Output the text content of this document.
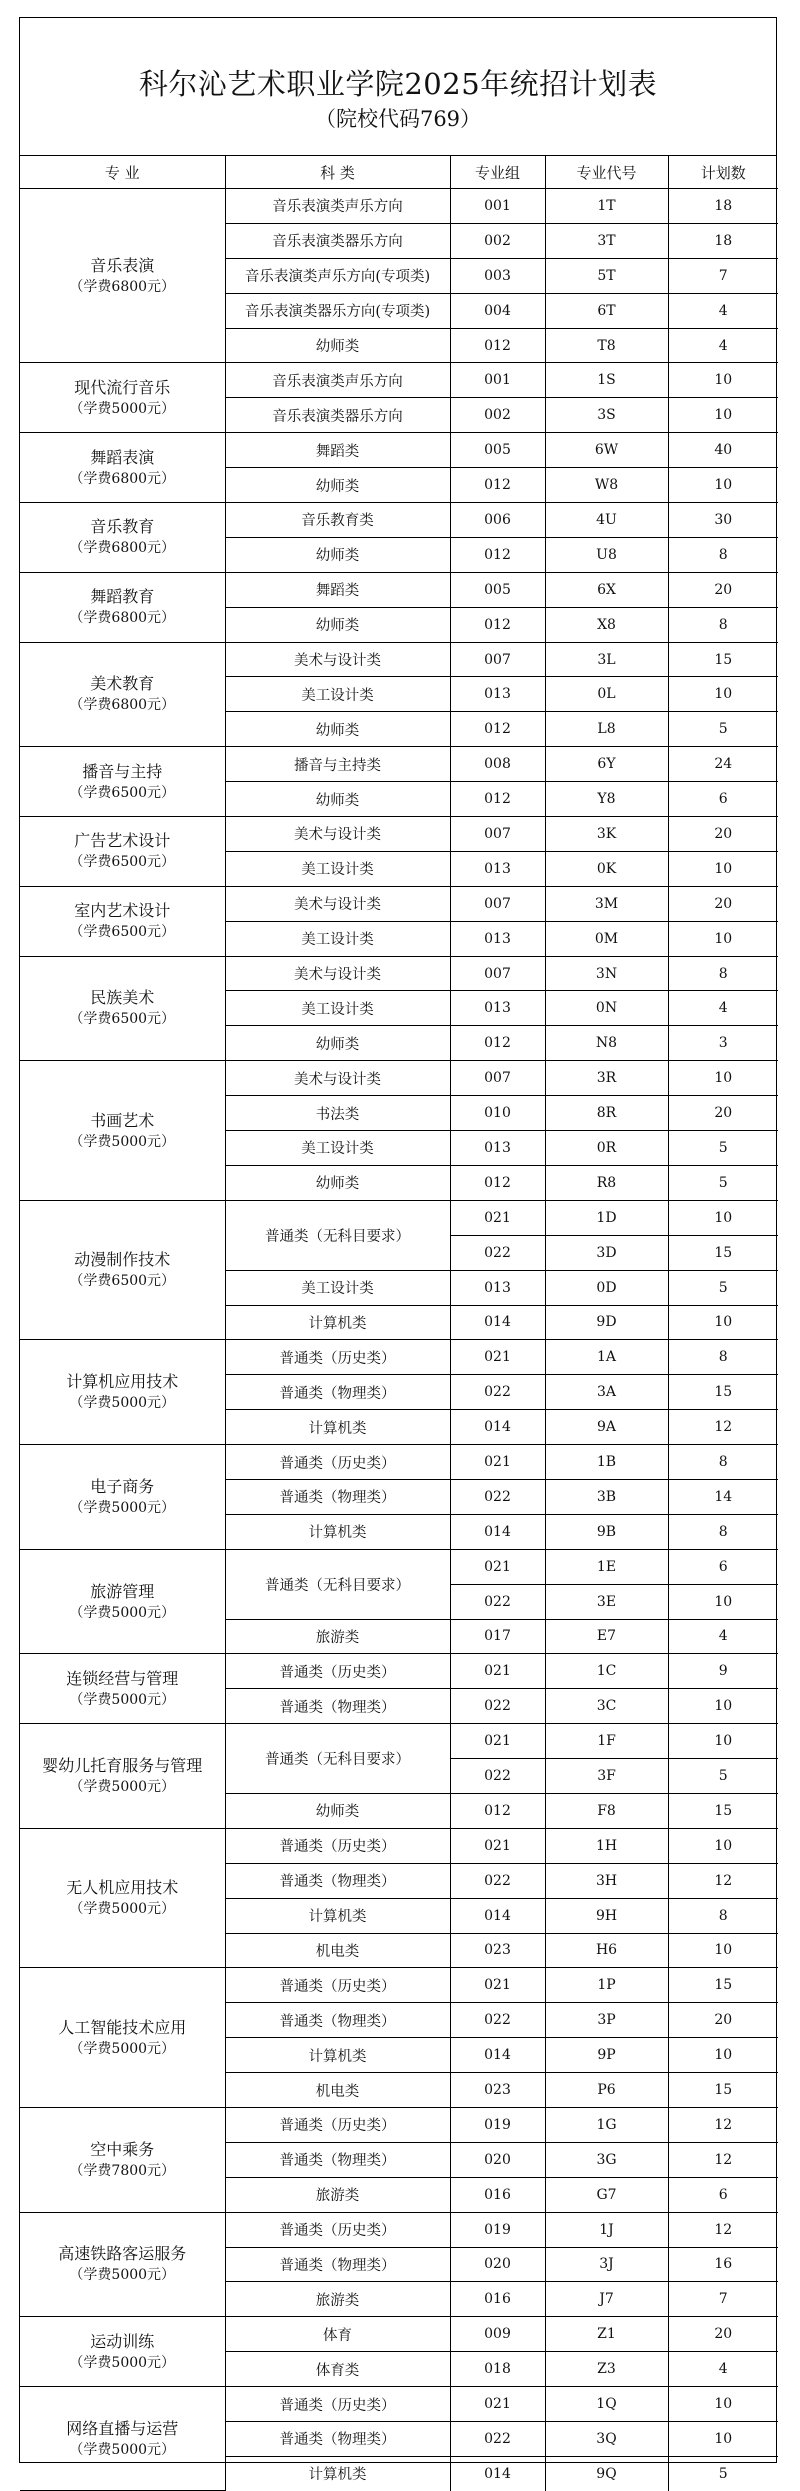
科尔沁艺术职业学院2025年统招计划表
（院校代码769）
专 业	科 类	专业组	专业代号	计划数

音乐表演
（学费6800元）	音乐表演类声乐方向	001	1T	18
	音乐表演类器乐方向	002	3T	18
	音乐表演类声乐方向(专项类)	003	5T	7
	音乐表演类器乐方向(专项类)	004	6T	4
	幼师类	012	T8	4

现代流行音乐
（学费5000元）	音乐表演类声乐方向	001	1S	10
	音乐表演类器乐方向	002	3S	10

舞蹈表演
（学费6800元）	舞蹈类	005	6W	40
	幼师类	012	W8	10

音乐教育
（学费6800元）	音乐教育类	006	4U	30
	幼师类	012	U8	8

舞蹈教育
（学费6800元）	舞蹈类	005	6X	20
	幼师类	012	X8	8

美术教育
（学费6800元）	美术与设计类	007	3L	15
	美工设计类	013	0L	10
	幼师类	012	L8	5

播音与主持
（学费6500元）	播音与主持类	008	6Y	24
	幼师类	012	Y8	6

广告艺术设计
（学费6500元）	美术与设计类	007	3K	20
	美工设计类	013	0K	10

室内艺术设计
（学费6500元）	美术与设计类	007	3M	20
	美工设计类	013	0M	10

民族美术
（学费6500元）	美术与设计类	007	3N	8
	美工设计类	013	0N	4
	幼师类	012	N8	3

书画艺术
（学费5000元）	美术与设计类	007	3R	10
	书法类	010	8R	20
	美工设计类	013	0R	5
	幼师类	012	R8	5

动漫制作技术
（学费6500元）	普通类（无科目要求）	021	1D	10
		022	3D	15
	美工设计类	013	0D	5
	计算机类	014	9D	10

计算机应用技术
（学费5000元）	普通类（历史类）	021	1A	8
	普通类（物理类）	022	3A	15
	计算机类	014	9A	12

电子商务
（学费5000元）	普通类（历史类）	021	1B	8
	普通类（物理类）	022	3B	14
	计算机类	014	9B	8

旅游管理
（学费5000元）	普通类（无科目要求）	021	1E	6
		022	3E	10
	旅游类	017	E7	4

连锁经营与管理
（学费5000元）	普通类（历史类）	021	1C	9
	普通类（物理类）	022	3C	10

婴幼儿托育服务与管理
（学费5000元）	普通类（无科目要求）	021	1F	10
		022	3F	5
	幼师类	012	F8	15

无人机应用技术
（学费5000元）	普通类（历史类）	021	1H	10
	普通类（物理类）	022	3H	12
	计算机类	014	9H	8
	机电类	023	H6	10

人工智能技术应用
（学费5000元）	普通类（历史类）	021	1P	15
	普通类（物理类）	022	3P	20
	计算机类	014	9P	10
	机电类	023	P6	15

空中乘务
（学费7800元）	普通类（历史类）	019	1G	12
	普通类（物理类）	020	3G	12
	旅游类	016	G7	6

高速铁路客运服务
（学费5000元）	普通类（历史类）	019	1J	12
	普通类（物理类）	020	3J	16
	旅游类	016	J7	7

运动训练
（学费5000元）	体育	009	Z1	20
	体育类	018	Z3	4

网络直播与运营
（学费5000元）	普通类（历史类）	021	1Q	10
	普通类（物理类）	022	3Q	10
	计算机类	014	9Q	5
